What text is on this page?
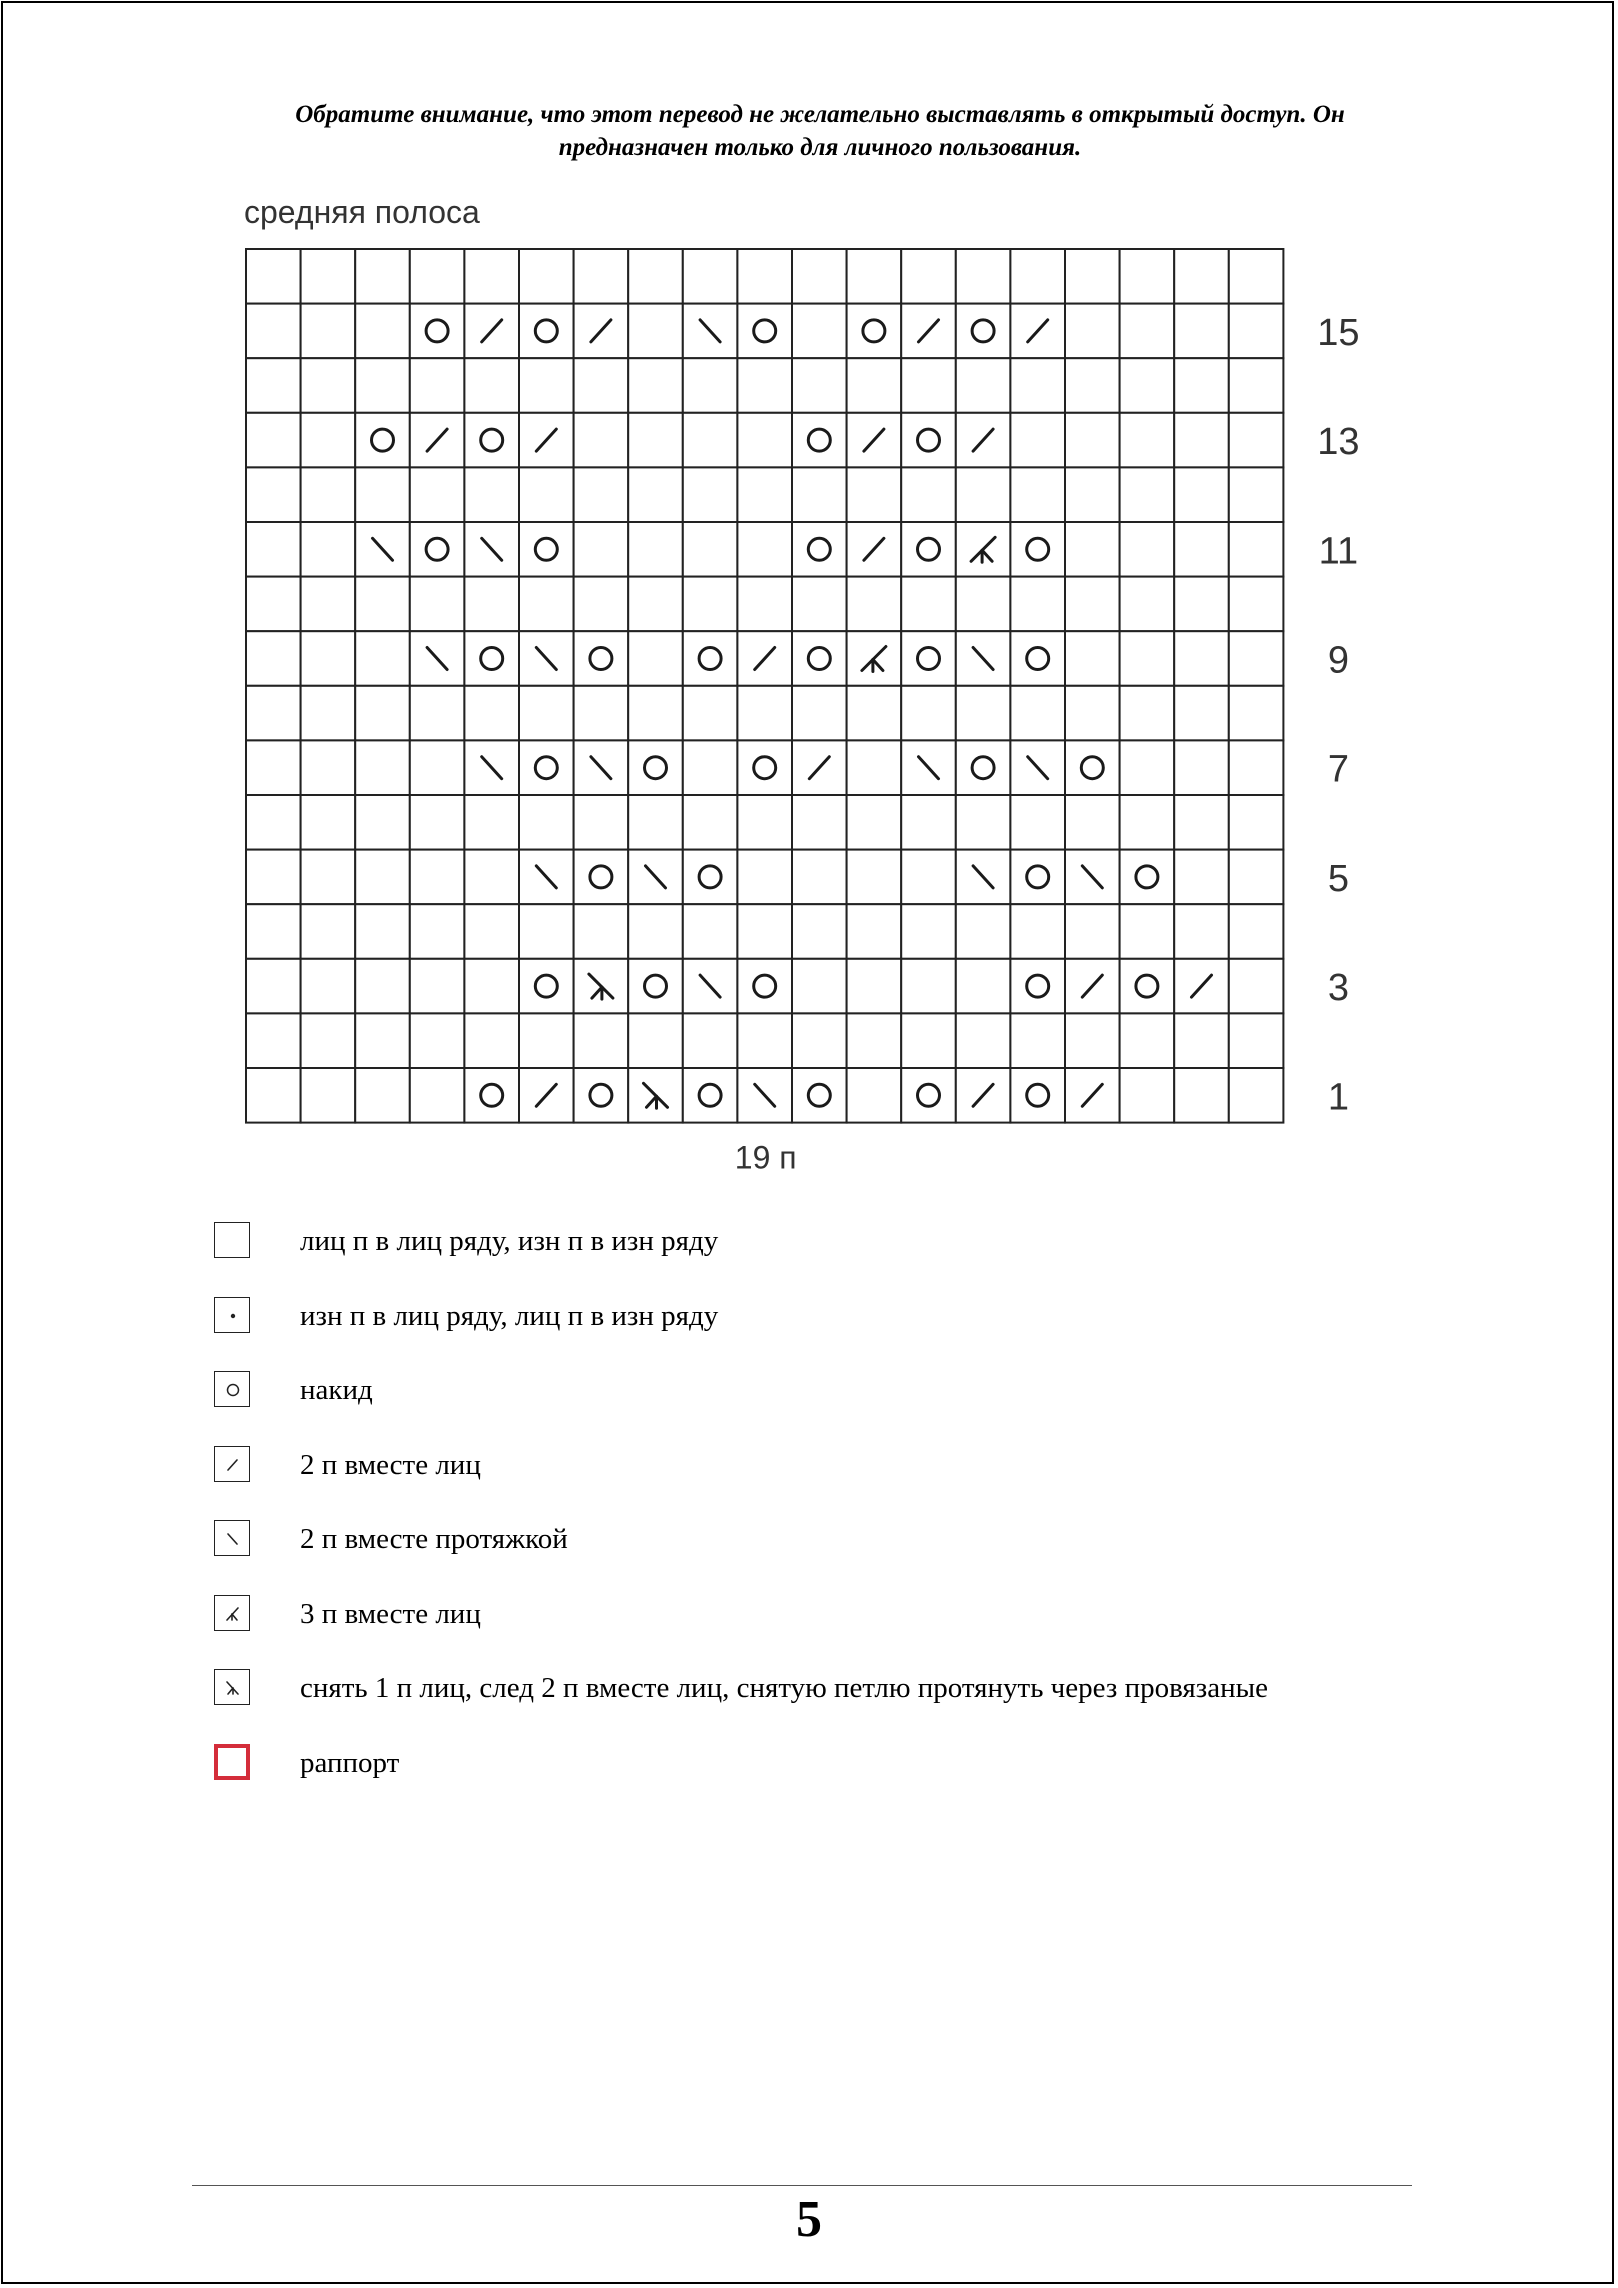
Обратите внимание, что этот перевод не желательно выставлять в открытый доступ. Он
предназначен только для личного пользования.
средняя полоса
15
13
11
9
7
5
3
1
19 п
лиц п в лиц ряду, изн п в изн ряду
изн п в лиц ряду, лиц п в изн ряду
накид
2 п вместе лиц
2 п вместе протяжкой
3 п вместе лиц
снять 1 п лиц, след 2 п вместе лиц, снятую петлю протянуть через провязаные
раппорт
5
